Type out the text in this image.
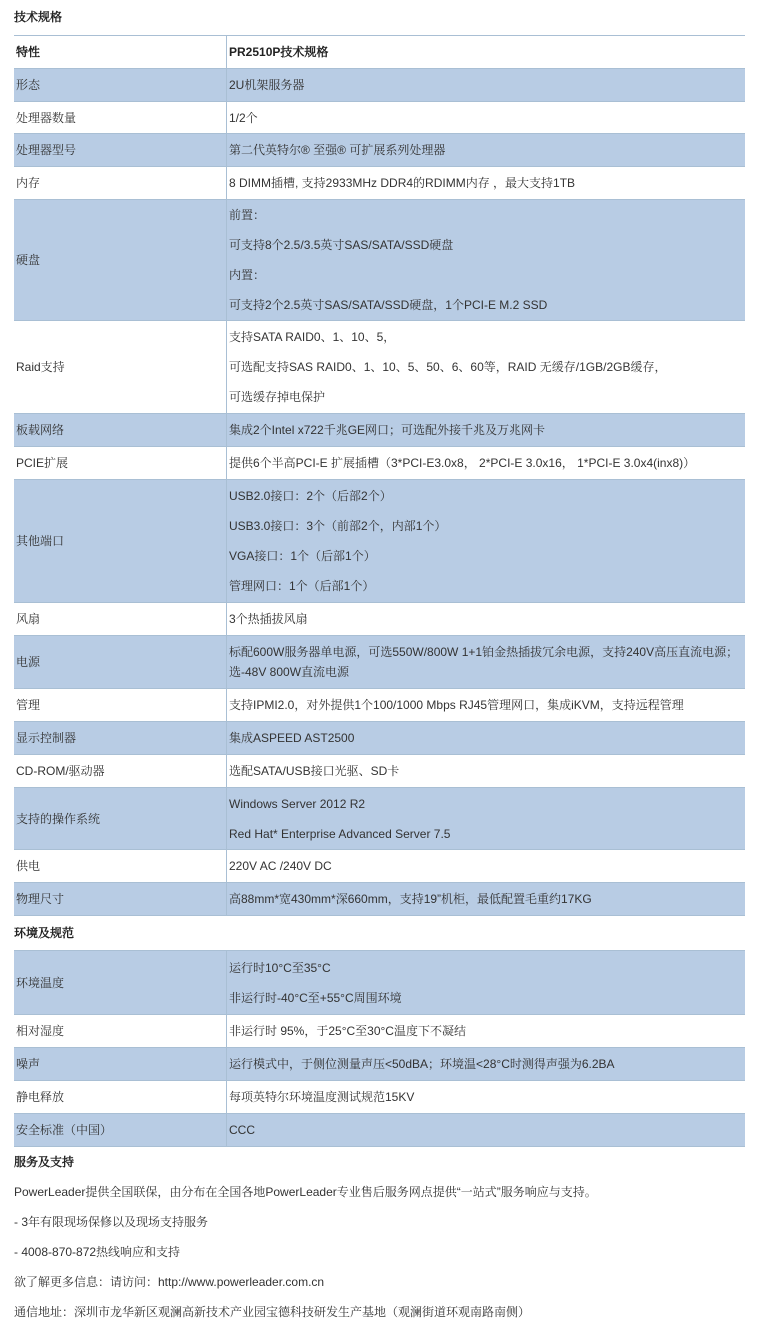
技术规格
特性	PR2510P技术规格
形态	2U机架服务器

处理器数量	1/2个

处理器型号	第二代英特尔® 至强® 可扩展系列处理器

内存	8 DIMM插槽, 支持2933MHz DDR4的RDIMM内存 ，最大支持1TB

硬盘	前置：
可支持8个2.5/3.5英寸SAS/SATA/SSD硬盘
内置：
可支持2个2.5英寸SAS/SATA/SSD硬盘，1个PCI-E M.2 SSD

Raid支持	支持SATA RAID0、1、10、5，
可选配支持SAS RAID0、1、10、5、50、6、60等，RAID 无缓存/1GB/2GB缓存，
可选缓存掉电保护

板载网络	集成2个Intel x722千兆GE网口；可选配外接千兆及万兆网卡

PCIE扩展	提供6个半高PCI-E 扩展插槽（3*PCI-E3.0x8， 2*PCI-E 3.0x16， 1*PCI-E 3.0x4(inx8)）

其他端口	USB2.0接口：2个（后部2个）
USB3.0接口：3个（前部2个，内部1个）
VGA接口：1个（后部1个）
管理网口：1个（后部1个）

风扇	3个热插拔风扇

电源	标配600W服务器单电源，可选550W/800W 1+1铂金热插拔冗余电源，支持240V高压直流电源；
选-48V 800W直流电源

管理	支持IPMI2.0，对外提供1个100/1000 Mbps RJ45管理网口，集成iKVM，支持远程管理

显示控制器	集成ASPEED AST2500

CD-ROM/驱动器	选配SATA/USB接口光驱、SD卡

支持的操作系统	Windows Server 2012 R2
Red Hat* Enterprise Advanced Server 7.5

供电	220V AC /240V DC

物理尺寸	高88mm*宽430mm*深660mm，支持19”机柜，最低配置毛重约17KG
环境及规范
环境温度	运行时10°C至35°C
非运行时-40°C至+55°C周围环境

相对湿度	非运行时 95%，于25°C至30°C温度下不凝结

噪声	运行模式中，于侧位测量声压<50dBA；环境温<28°C时测得声强为6.2BA

静电释放	每项英特尔环境温度测试规范15KV

安全标准（中国）	CCC
服务及支持

PowerLeader提供全国联保，由分布在全国各地PowerLeader专业售后服务网点提供“一站式”服务响应与支持。

- 3年有限现场保修以及现场支持服务

- 4008-870-872热线响应和支持

欲了解更多信息：请访问：http://www.powerleader.com.cn

通信地址：深圳市龙华新区观澜高新技术产业园宝德科技研发生产基地（观澜街道环观南路南侧）
